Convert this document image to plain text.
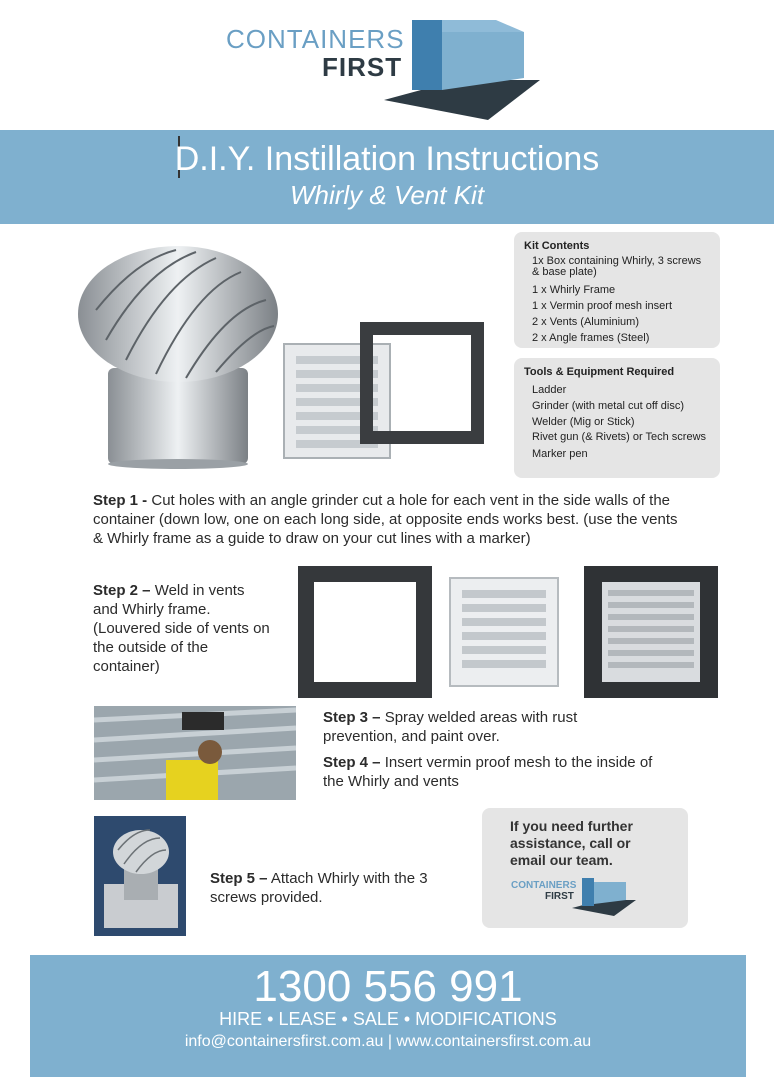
CONTAINERS
FIRST
D.I.Y. Instillation Instructions
Whirly & Vent Kit
Kit Contents
1x Box containing Whirly, 3 screws & base plate)
1 x Whirly Frame
1 x Vermin proof mesh insert
2 x Vents (Aluminium)
2 x Angle frames (Steel)
Tools & Equipment Required
Ladder
Grinder (with metal cut off disc)
Welder (Mig or Stick)
Rivet gun (& Rivets) or Tech screws
Marker pen
Step 1 - Cut holes with an angle grinder cut a hole for each vent in the side walls of the container (down low, one on each long side, at opposite ends works best. (use the vents & Whirly frame as a guide to draw on your cut lines with a marker)
Step 2 – Weld in vents and Whirly frame. (Louvered side of vents on the outside of the container)
Step 3 – Spray welded areas with rust prevention, and paint over.
Step 4 – Insert vermin proof mesh to the inside of the Whirly and vents
Step 5 – Attach Whirly with the 3 screws provided.
If you need further assistance, call or email our team.
CONTAINERS
FIRST
1300 556 991
HIRE • LEASE • SALE • MODIFICATIONS
info@containersfirst.com.au | www.containersfirst.com.au
